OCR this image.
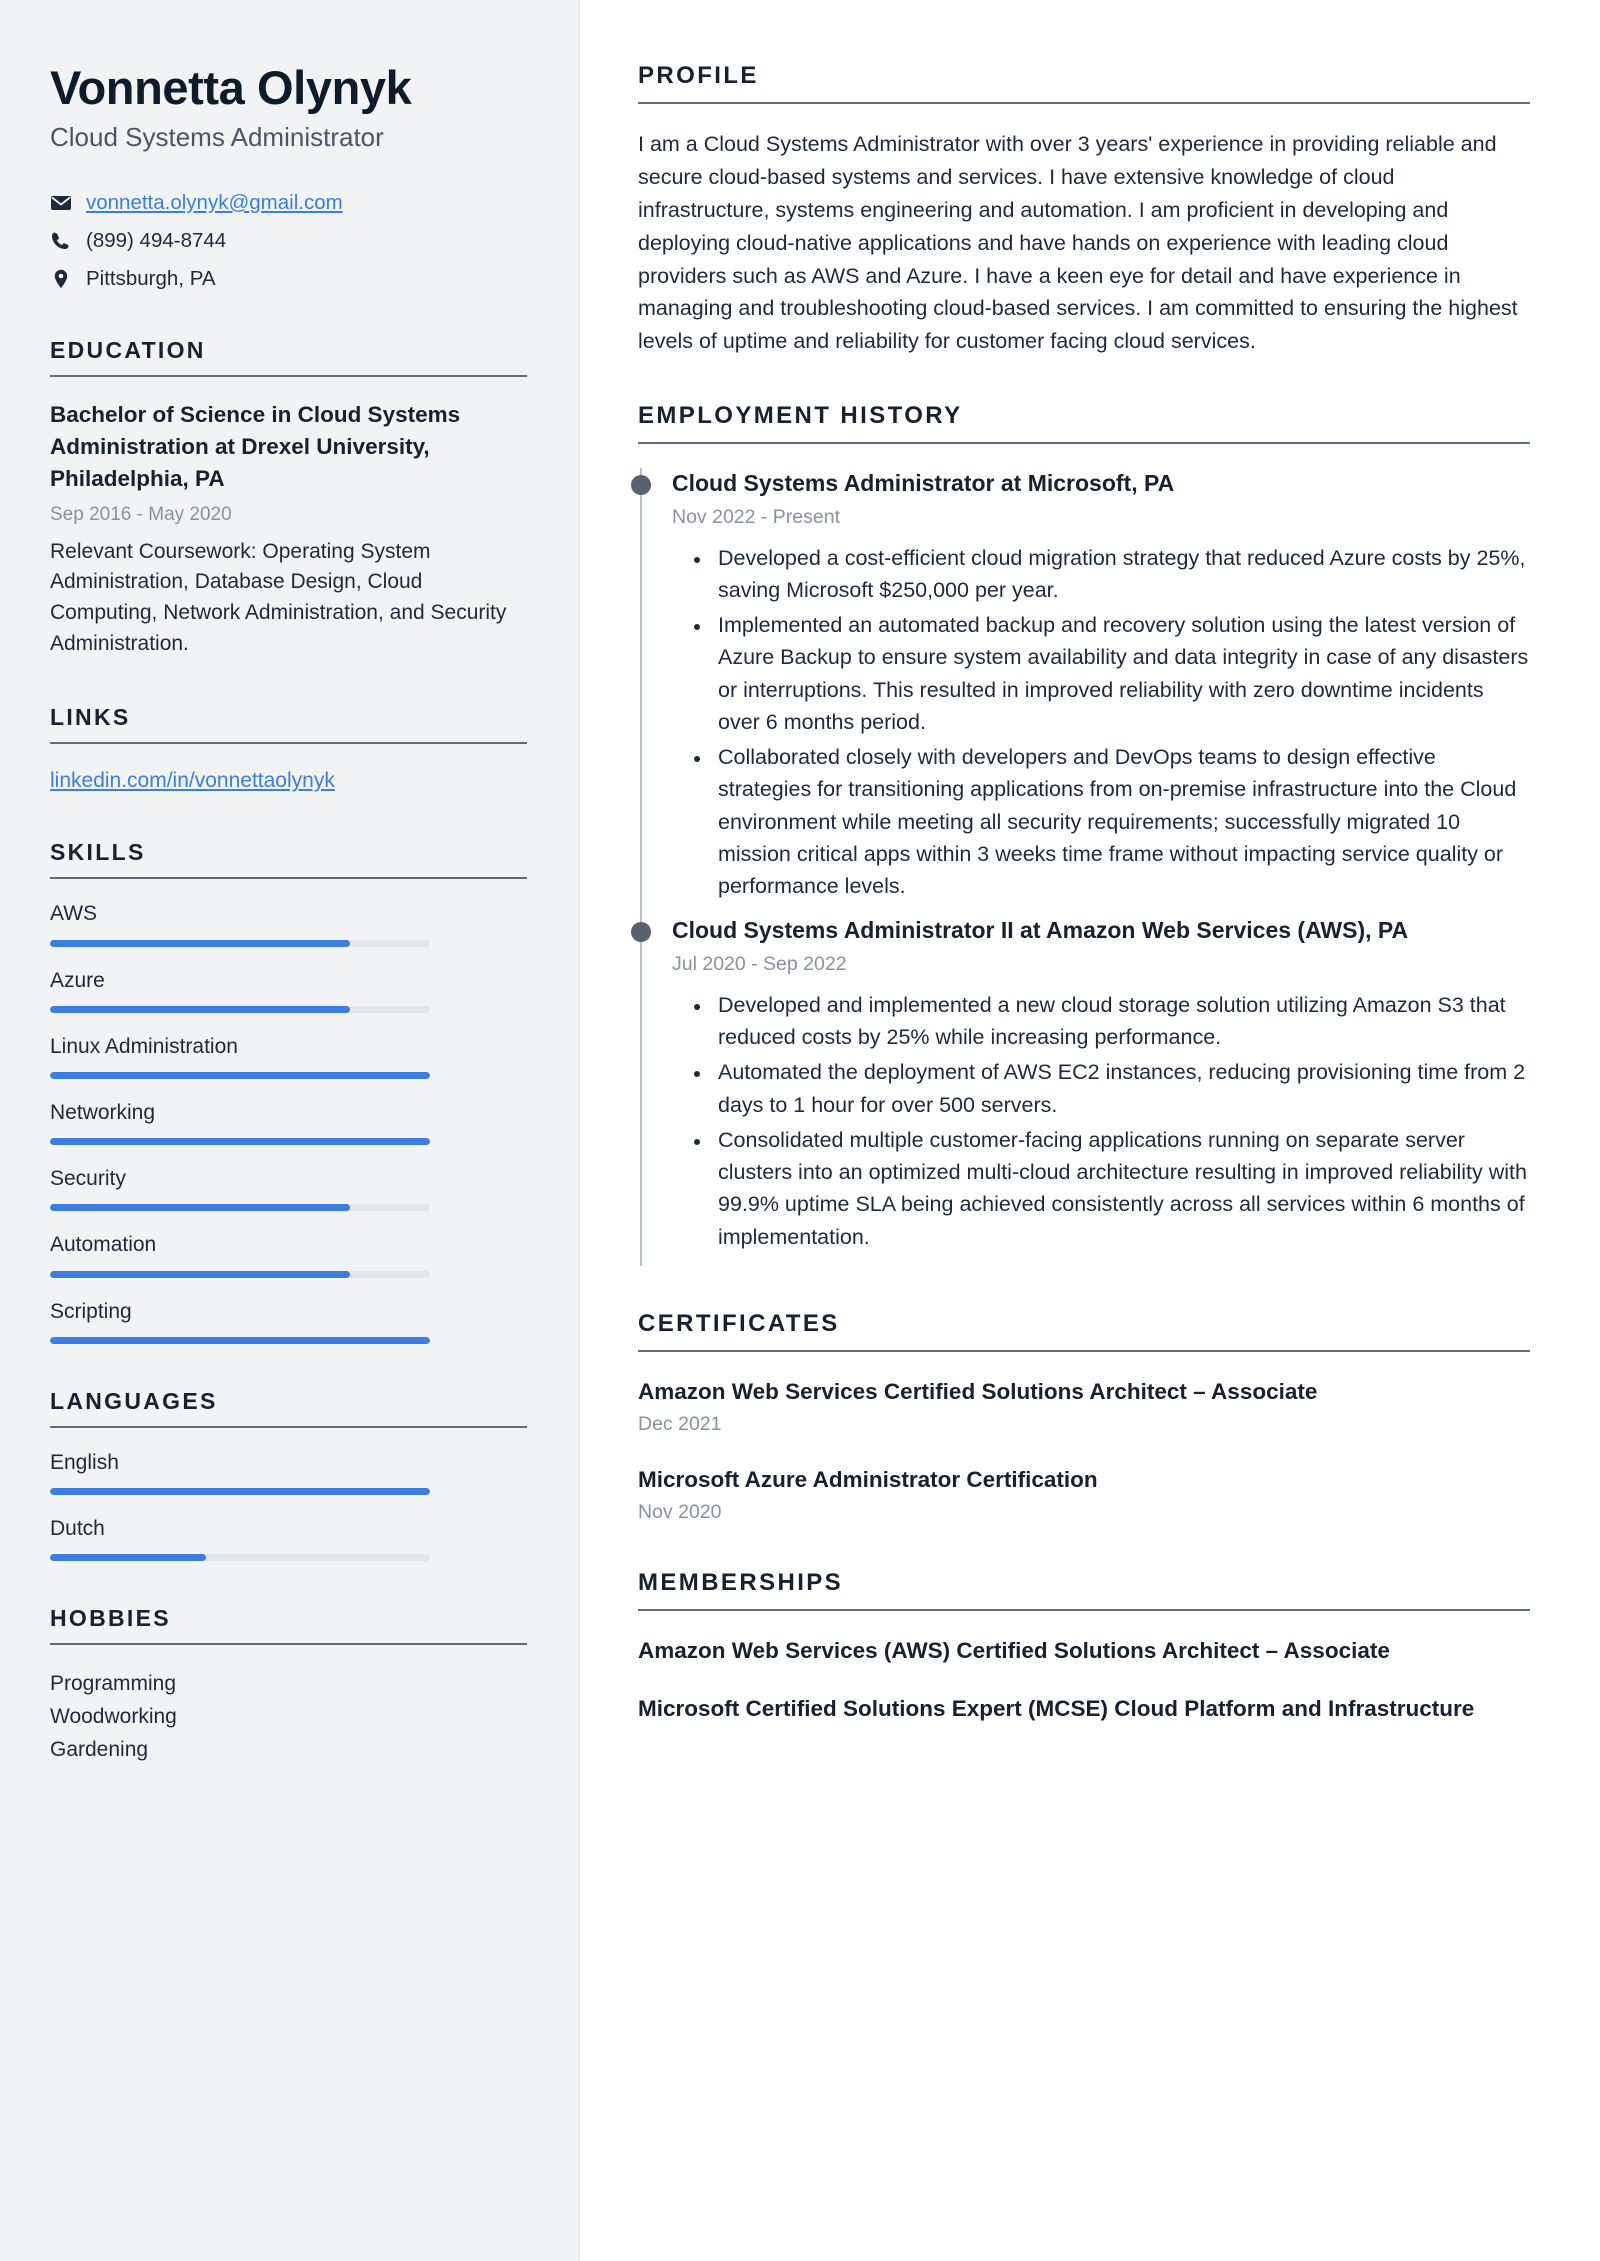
Vonnetta Olynyk
Cloud Systems Administrator
vonnetta.olynyk@gmail.com
(899) 494-8744
Pittsburgh, PA
EDUCATION
Bachelor of Science in Cloud Systems Administration at Drexel University, Philadelphia, PA
Sep 2016 - May 2020
Relevant Coursework: Operating System Administration, Database Design, Cloud Computing, Network Administration, and Security Administration.
LINKS
linkedin.com/in/vonnettaolynyk
SKILLS
AWS
Azure
Linux Administration
Networking
Security
Automation
Scripting
LANGUAGES
English
Dutch
HOBBIES
Programming
Woodworking
Gardening
PROFILE

I am a Cloud Systems Administrator with over 3 years' experience in providing reliable and secure cloud-based systems and services. I have extensive knowledge of cloud infrastructure, systems engineering and automation. I am proficient in developing and deploying cloud-native applications and have hands on experience with leading cloud providers such as AWS and Azure. I have a keen eye for detail and have experience in managing and troubleshooting cloud-based services. I am committed to ensuring the highest levels of uptime and reliability for customer facing cloud services.

EMPLOYMENT HISTORY
Cloud Systems Administrator at Microsoft, PA
Nov 2022 - Present
• Developed a cost-efficient cloud migration strategy that reduced Azure costs by 25%, saving Microsoft $250,000 per year.
• Implemented an automated backup and recovery solution using the latest version of Azure Backup to ensure system availability and data integrity in case of any disasters or interruptions. This resulted in improved reliability with zero downtime incidents over 6 months period.
• Collaborated closely with developers and DevOps teams to design effective strategies for transitioning applications from on-premise infrastructure into the Cloud environment while meeting all security requirements; successfully migrated 10 mission critical apps within 3 weeks time frame without impacting service quality or performance levels.
Cloud Systems Administrator II at Amazon Web Services (AWS), PA
Jul 2020 - Sep 2022
• Developed and implemented a new cloud storage solution utilizing Amazon S3 that reduced costs by 25% while increasing performance.
• Automated the deployment of AWS EC2 instances, reducing provisioning time from 2 days to 1 hour for over 500 servers.
• Consolidated multiple customer-facing applications running on separate server clusters into an optimized multi-cloud architecture resulting in improved reliability with 99.9% uptime SLA being achieved consistently across all services within 6 months of implementation.
CERTIFICATES
Amazon Web Services Certified Solutions Architect – Associate
Dec 2021
Microsoft Azure Administrator Certification
Nov 2020
MEMBERSHIPS
Amazon Web Services (AWS) Certified Solutions Architect – Associate
Microsoft Certified Solutions Expert (MCSE) Cloud Platform and Infrastructure
